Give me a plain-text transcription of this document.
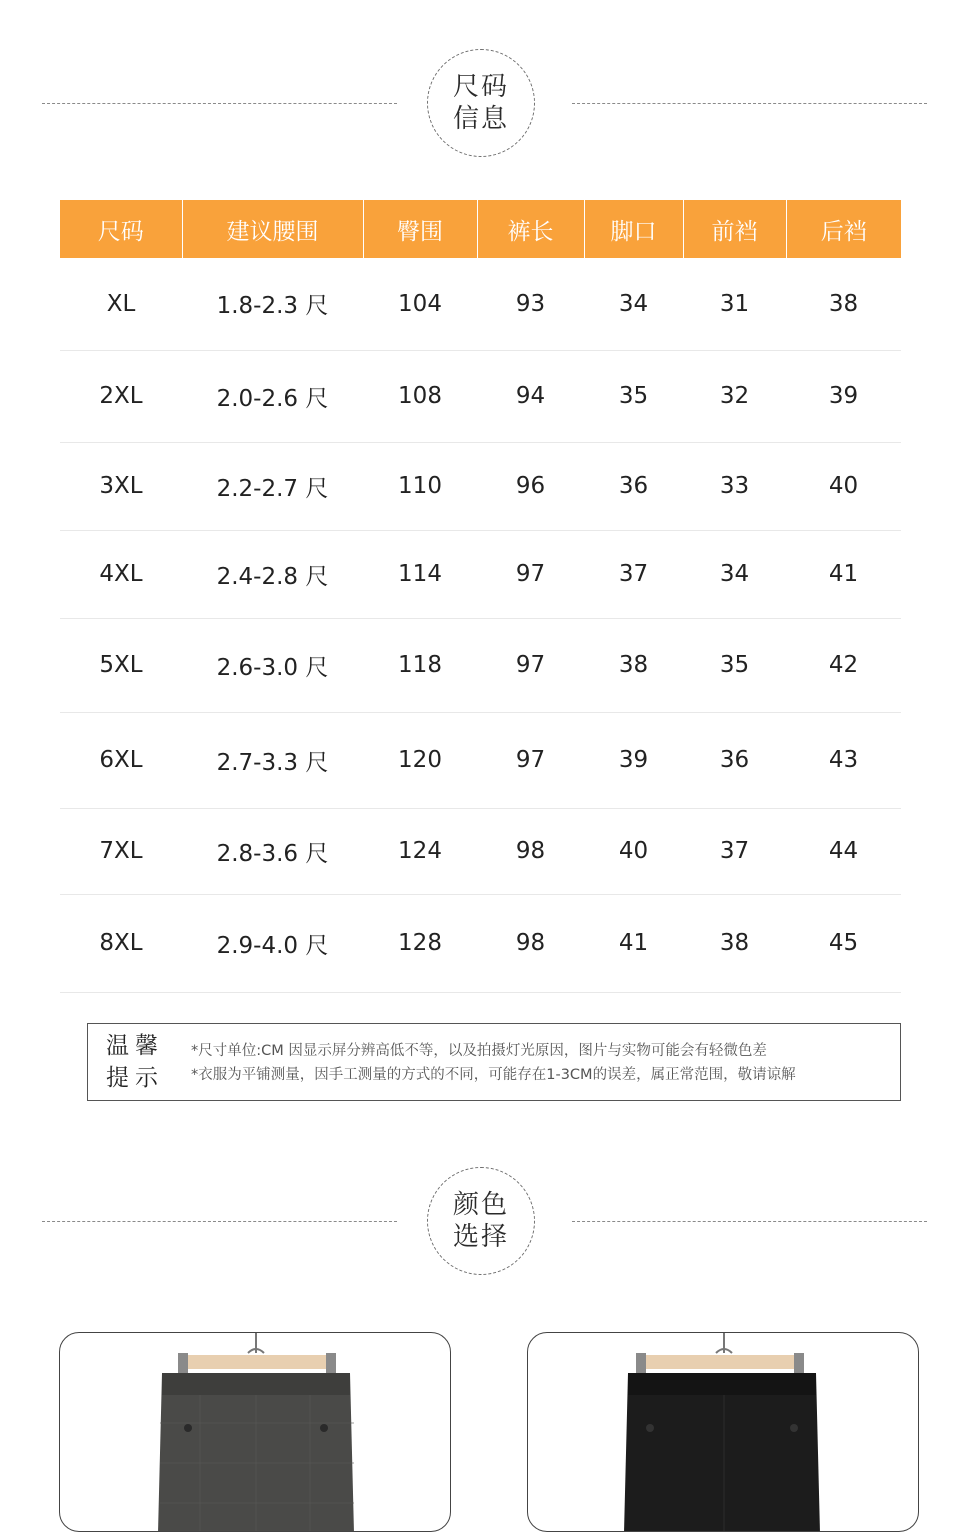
尺码
信息
尺码	建议腰围	臀围	裤长	脚口	前裆	后裆
XL	1.8-2.3 尺	104	93	34	31	38
2XL	2.0-2.6 尺	108	94	35	32	39
3XL	2.2-2.7 尺	110	96	36	33	40
4XL	2.4-2.8 尺	114	97	37	34	41
5XL	2.6-3.0 尺	118	97	38	35	42
6XL	2.7-3.3 尺	120	97	39	36	43
7XL	2.8-3.6 尺	124	98	40	37	44
8XL	2.9-4.0 尺	128	98	41	38	45
温馨
提示
*尺寸单位:CM 因显示屏分辨高低不等，以及拍摄灯光原因，图片与实物可能会有轻微色差
*衣服为平铺测量，因手工测量的方式的不同，可能存在1-3CM的误差，属正常范围，敬请谅解
颜色
选择
